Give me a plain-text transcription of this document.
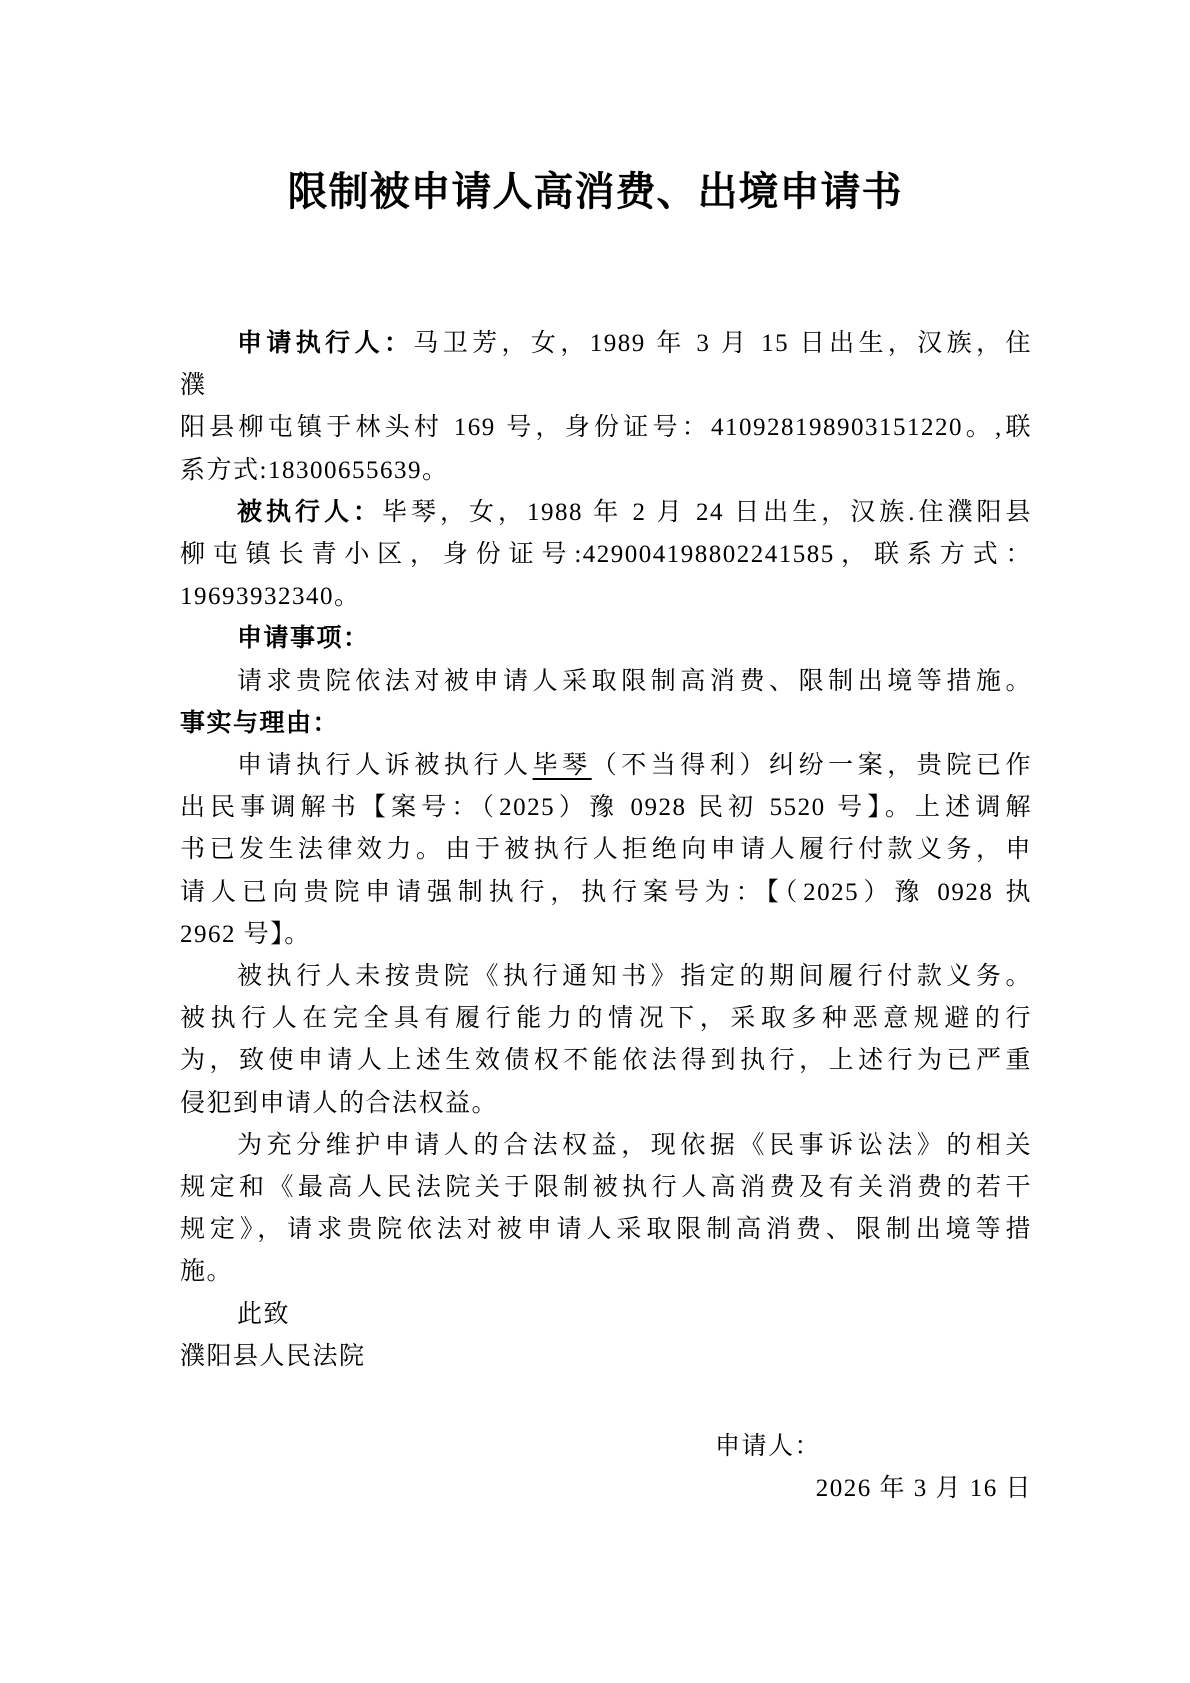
限制被申请人高消费、出境申请书
申请执行人：马卫芳，女，1989 年 3 月 15 日出生，汉族，住
濮
阳县柳屯镇于林头村 169 号，身份证号：410928198903151220。,联
系方式:18300655639。
被执行人：毕琴，女，1988 年 2 月 24 日出生，汉族.住濮阳县
柳屯镇长青小区，身份证号:429004198802241585，联系方式：
19693932340。
申请事项：
请求贵院依法对被申请人采取限制高消费、限制出境等措施。
事实与理由：
申请执行人诉被执行人毕琴（不当得利）纠纷一案，贵院已作
出民事调解书【案号：（2025）豫 0928 民初 5520 号】。上述调解
书已发生法律效力。由于被执行人拒绝向申请人履行付款义务，申
请人已向贵院申请强制执行，执行案号为：【（2025）豫 0928 执
2962 号】。
被执行人未按贵院《执行通知书》指定的期间履行付款义务。
被执行人在完全具有履行能力的情况下，采取多种恶意规避的行
为，致使申请人上述生效债权不能依法得到执行，上述行为已严重
侵犯到申请人的合法权益。
为充分维护申请人的合法权益，现依据《民事诉讼法》的相关
规定和《最高人民法院关于限制被执行人高消费及有关消费的若干
规定》，请求贵院依法对被申请人采取限制高消费、限制出境等措
施。
此致
濮阳县人民法院
申请人：
2026 年 3 月 16 日
